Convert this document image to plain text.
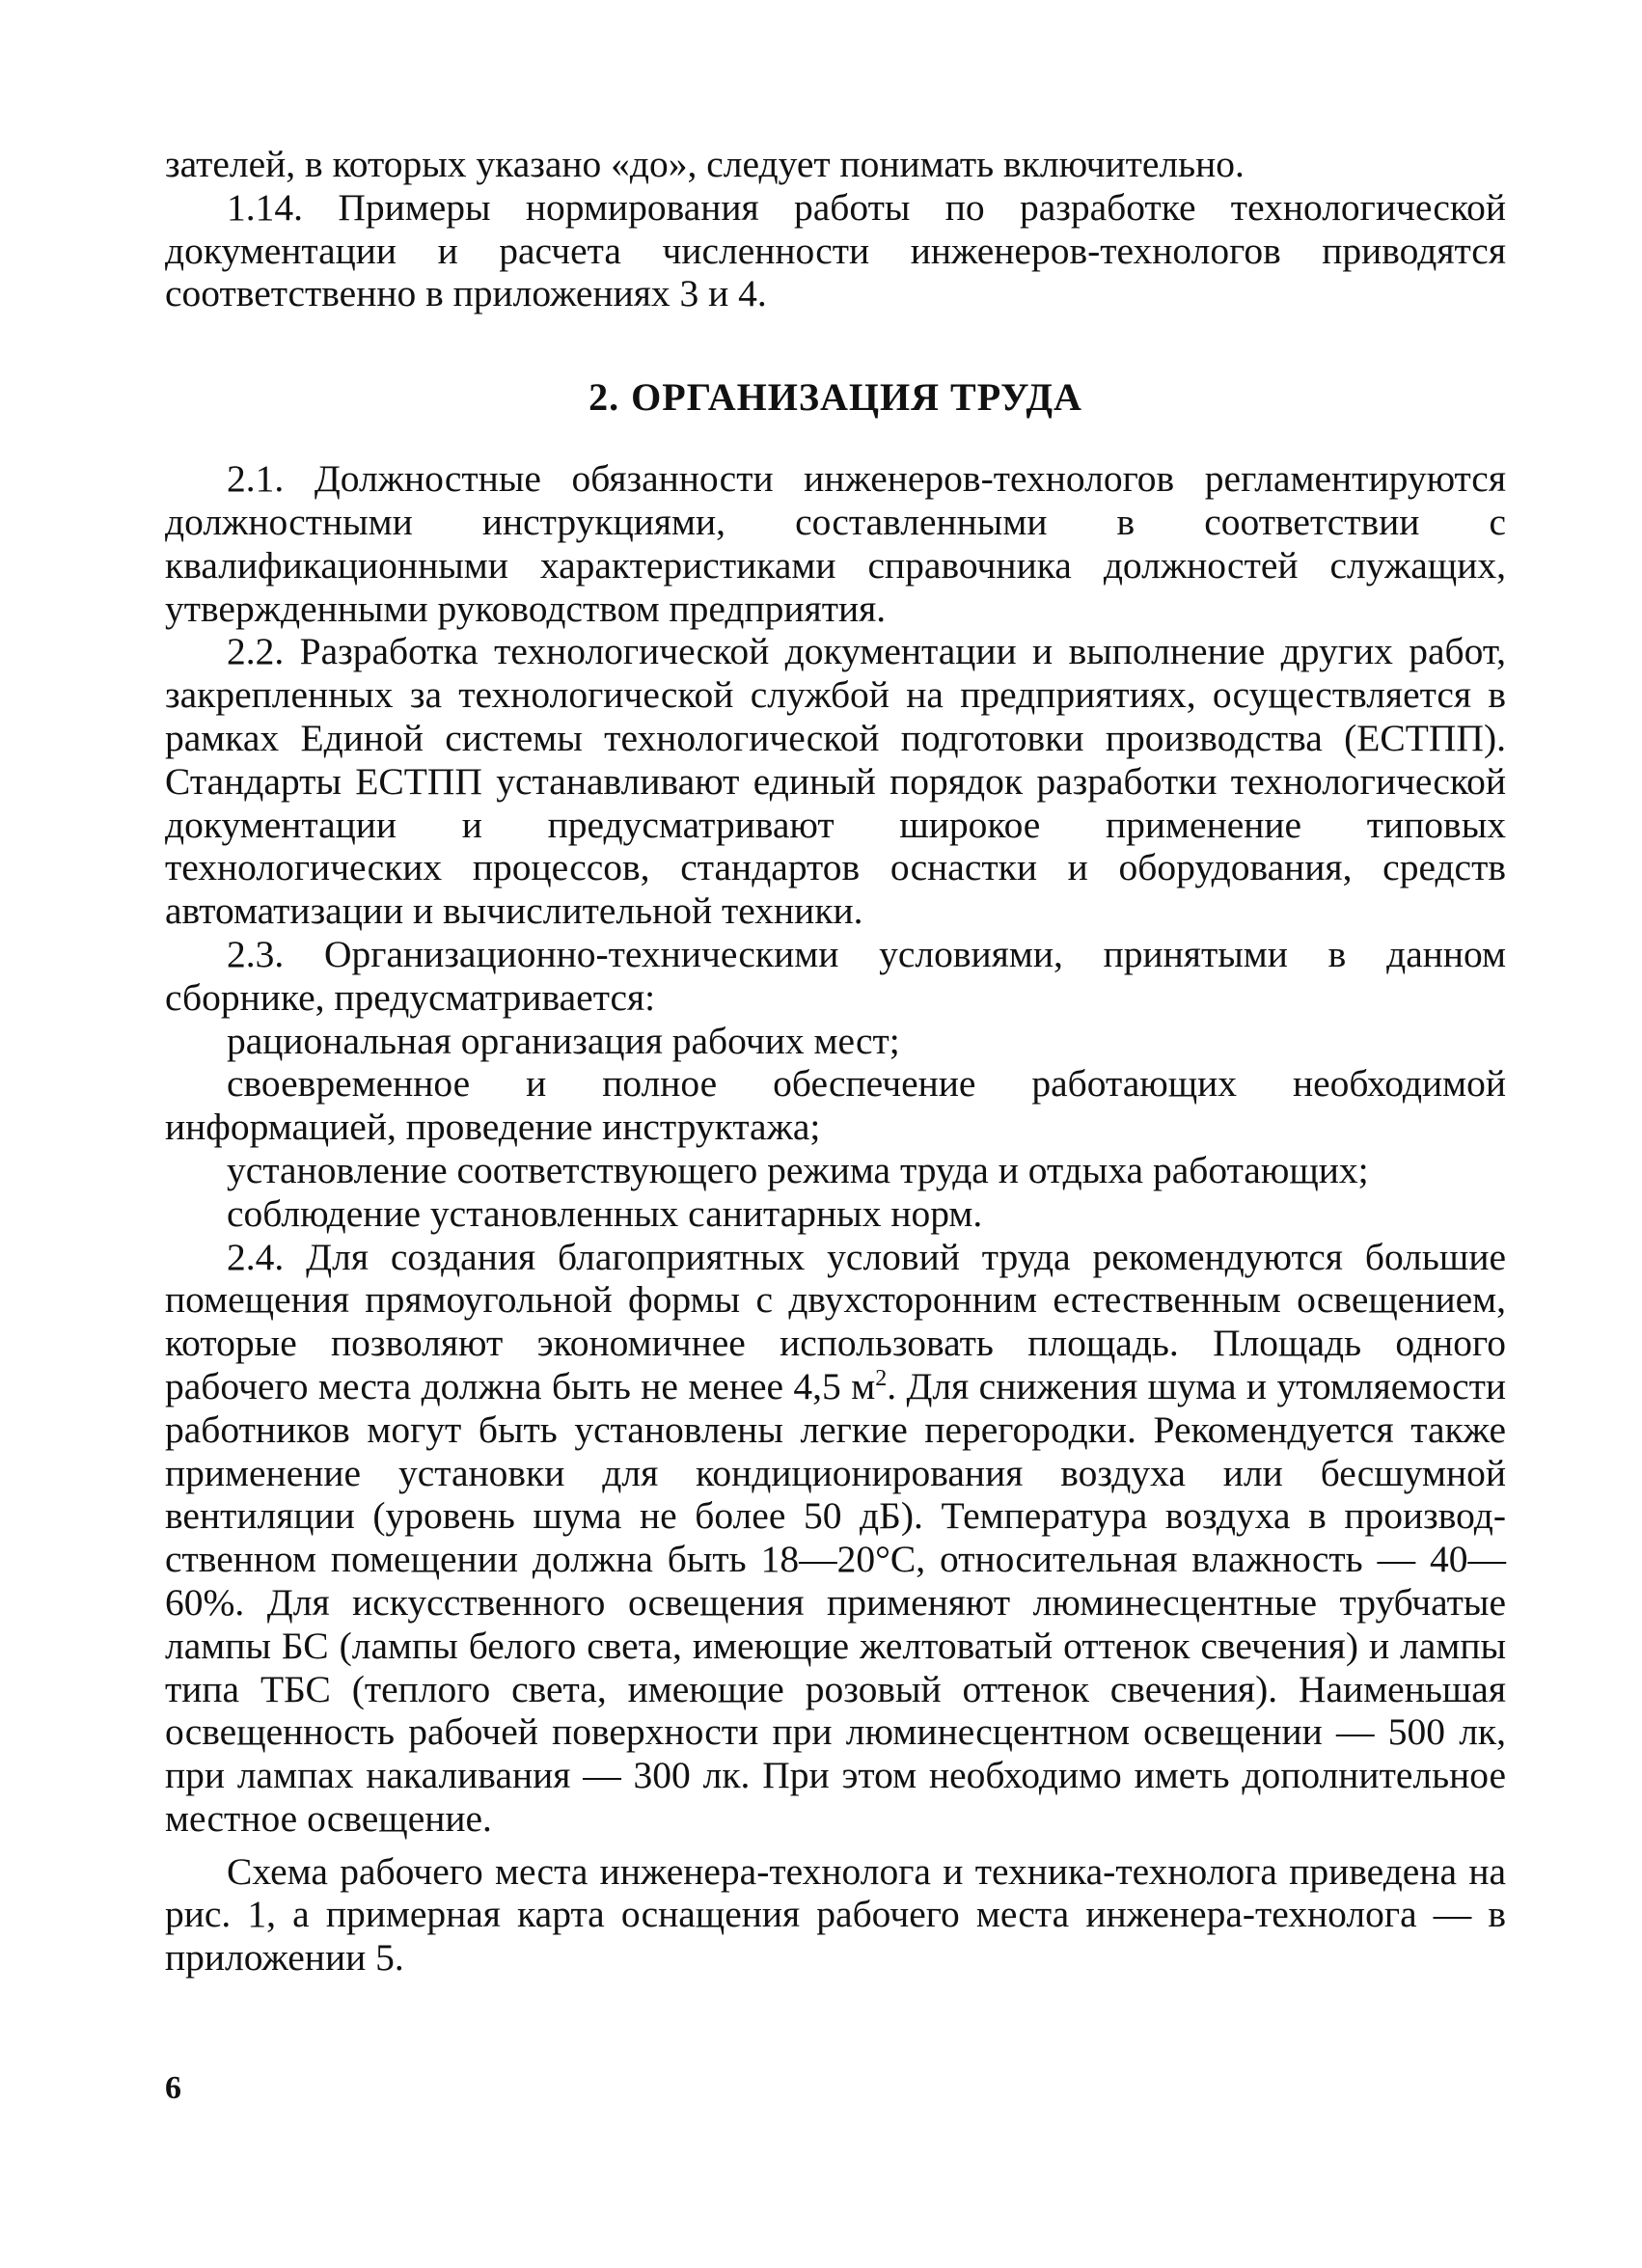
зателей, в которых указано «до», следует понимать включительно.

1.14. Примеры нормирования работы по разработке технологической документации и расчета численности инженеров-технологов приводятся соответственно в приложениях 3 и 4.

2. ОРГАНИЗАЦИЯ ТРУДА

2.1. Должностные обязанности инженеров-технологов регламентируются должностными инструкциями, составленными в соответствии с квалификационными характеристиками справочника должностей служащих, утвержденными руководством предприятия.

2.2. Разработка технологической документации и выполнение других работ, закрепленных за технологической службой на предприятиях, осуществляется в рамках Единой системы технологической подготовки производства (ЕСТПП). Стандарты ЕСТПП устанавливают единый порядок разработки технологической документации и предусматривают широкое применение типовых технологических процессов, стандартов оснастки и оборудования, средств автоматизации и вычислительной техники.

2.3. Организационно-техническими условиями, принятыми в данном сборнике, предусматривается:

рациональная организация рабочих мест;

своевременное и полное обеспечение работающих необходимой информацией, проведение инструктажа;

установление соответствующего режима труда и отдыха работающих;

соблюдение установленных санитарных норм.

2.4. Для создания благоприятных условий труда рекомендуются большие помещения прямоугольной формы с двухсторонним естественным освещением, которые позволяют экономичнее использовать площадь. Площадь одного рабочего места должна быть не менее 4,5 $м^2$. Для снижения шума и утомляемости работников могут быть установлены легкие перегородки. Рекомендуется также применение установки для кондиционирования воздуха или бесшумной вентиляции (уровень шума не более 50 дБ). Температура воздуха в производственном помещении должна быть 18—20°С, относительная влажность — 40—60%. Для искусственного освещения применяют люминесцентные трубчатые лампы БС (лампы белого света, имеющие желтоватый оттенок свечения) и лампы типа ТБС (теплого света, имеющие розовый оттенок свечения). Наименьшая освещенность рабочей поверхности при люминесцентном освещении — 500 лк, при лампах накаливания — 300 лк. При этом необходимо иметь дополнительное местное освещение.

Схема рабочего места инженера-технолога и техника-технолога приведена на рис. 1, а примерная карта оснащения рабочего места инженера-технолога — в приложении 5.

6
